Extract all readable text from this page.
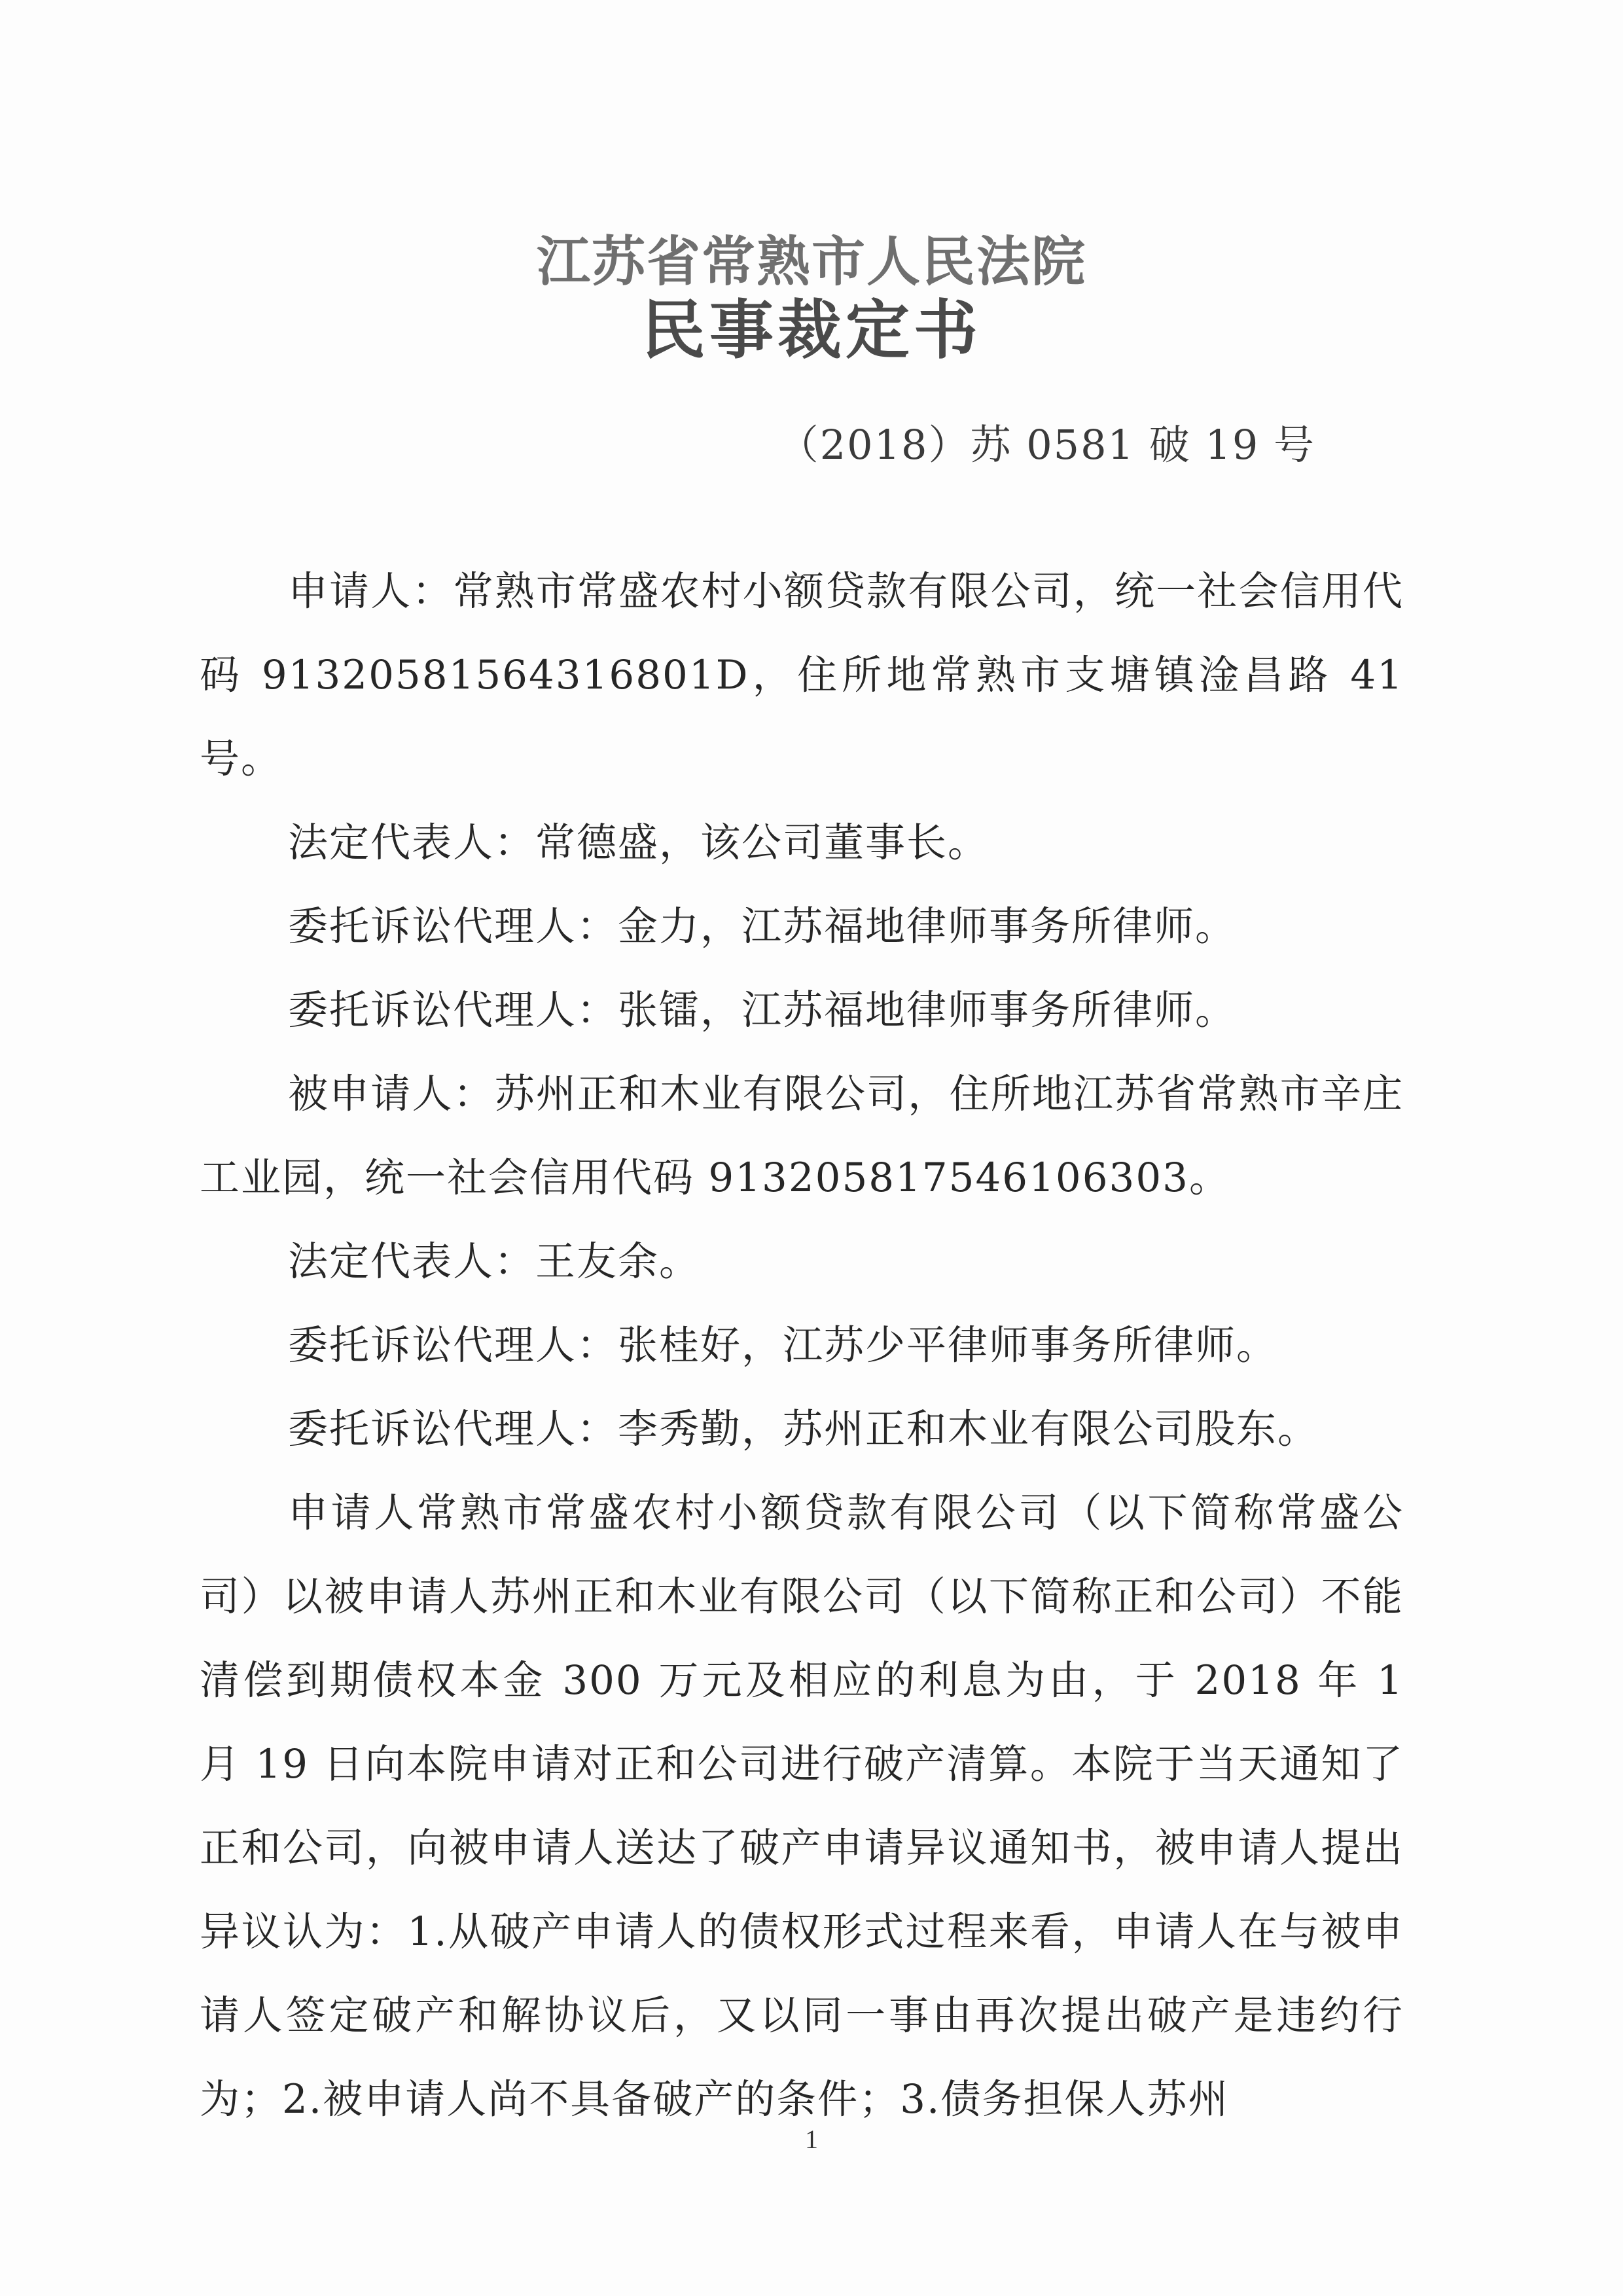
江苏省常熟市人民法院
民事裁定书
（2018）苏 0581 破 19 号

申请人：常熟市常盛农村小额贷款有限公司，统一社会信用代码 91320581564316801D，住所地常熟市支塘镇淦昌路 41 号。

法定代表人：常德盛，该公司董事长。

委托诉讼代理人：金力，江苏福地律师事务所律师。

委托诉讼代理人：张镭，江苏福地律师事务所律师。

被申请人：苏州正和木业有限公司，住所地江苏省常熟市辛庄工业园，统一社会信用代码 913205817546106303。

法定代表人：王友余。

委托诉讼代理人：张桂好，江苏少平律师事务所律师。

委托诉讼代理人：李秀勤，苏州正和木业有限公司股东。

申请人常熟市常盛农村小额贷款有限公司（以下简称常盛公司）以被申请人苏州正和木业有限公司（以下简称正和公司）不能清偿到期债权本金 300 万元及相应的利息为由，于 2018 年 1 月 19 日向本院申请对正和公司进行破产清算。本院于当天通知了正和公司，向被申请人送达了破产申请异议通知书，被申请人提出异议认为：1.从破产申请人的债权形式过程来看，申请人在与被申请人签定破产和解协议后，又以同一事由再次提出破产是违约行为；2.被申请人尚不具备破产的条件；3.债务担保人苏州

1
